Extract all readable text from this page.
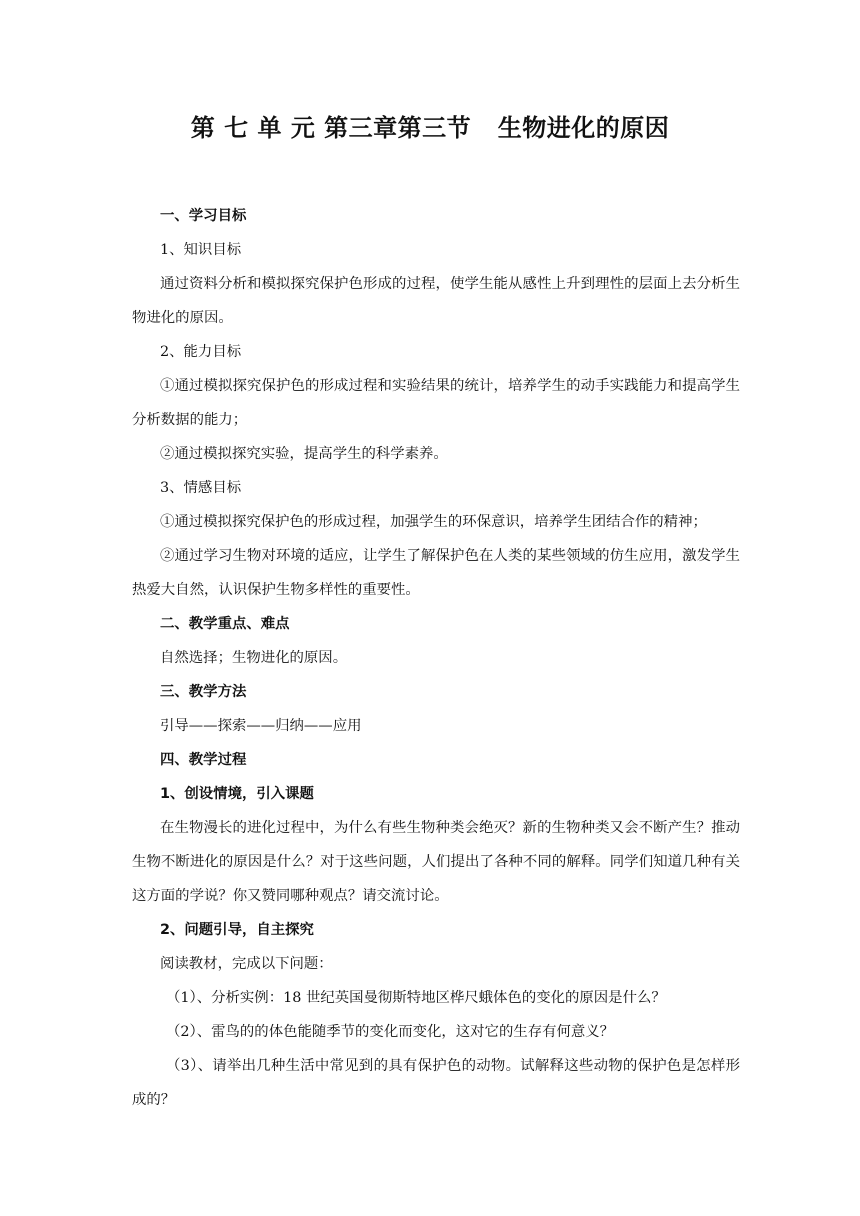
第 七 单 元 第三章第三节   生物进化的原因

一、学习目标

1、知识目标

通过资料分析和模拟探究保护色形成的过程，使学生能从感性上升到理性的层面上去分析生物进化的原因。

2、能力目标

①通过模拟探究保护色的形成过程和实验结果的统计，培养学生的动手实践能力和提高学生分析数据的能力；

②通过模拟探究实验，提高学生的科学素养。

3、情感目标

①通过模拟探究保护色的形成过程，加强学生的环保意识，培养学生团结合作的精神；

②通过学习生物对环境的适应，让学生了解保护色在人类的某些领域的仿生应用，激发学生热爱大自然，认识保护生物多样性的重要性。

二、教学重点、难点

自然选择；生物进化的原因。

三、教学方法

引导——探索——归纳——应用

四、教学过程

1、创设情境，引入课题

在生物漫长的进化过程中，为什么有些生物种类会绝灭？新的生物种类又会不断产生？推动生物不断进化的原因是什么？对于这些问题，人们提出了各种不同的解释。同学们知道几种有关这方面的学说？你又赞同哪种观点？请交流讨论。

2、问题引导，自主探究

阅读教材，完成以下问题：

（1）、分析实例：18 世纪英国曼彻斯特地区桦尺蛾体色的变化的原因是什么？

（2）、雷鸟的的体色能随季节的变化而变化，这对它的生存有何意义？

（3）、请举出几种生活中常见到的具有保护色的动物。试解释这些动物的保护色是怎样形成的？
